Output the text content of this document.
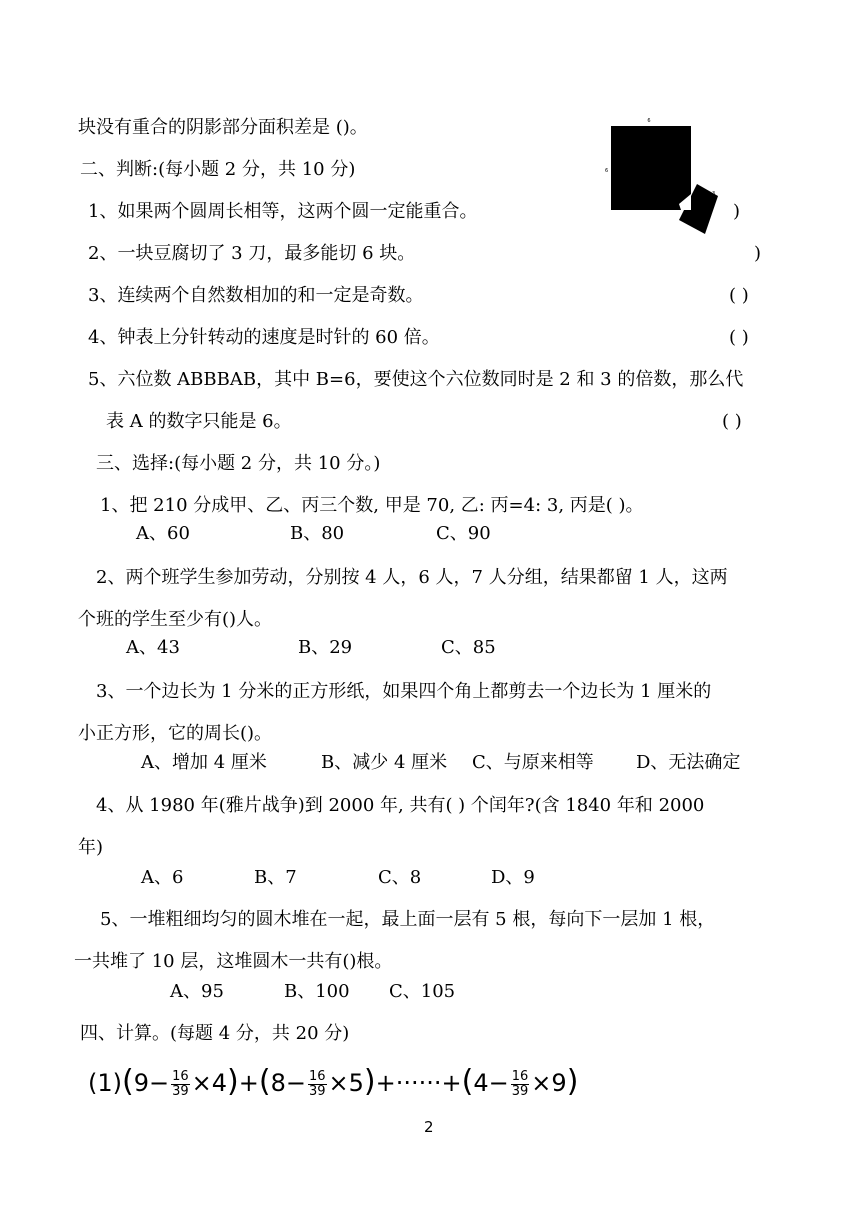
6
6
3
块没有重合的阴影部分面积差是 ()。
二、判断:(每小题 2 分，共 10 分)
1、如果两个圆周长相等，这两个圆一定能重合。	)
2、一块豆腐切了 3 刀，最多能切 6 块。	)
3、连续两个自然数相加的和一定是奇数。	( )
4、钟表上分针转动的速度是时针的 60 倍。	( )
5、六位数 ABBBAB，其中 B=6，要使这个六位数同时是 2 和 3 的倍数，那么代
表 A 的数字只能是 6。	( )
三、选择:(每小题 2 分，共 10 分。)
1、把 210 分成甲、乙、丙三个数, 甲是 70, 乙: 丙=4: 3, 丙是( )。
A、60	B、80	C、90
2、两个班学生参加劳动，分别按 4 人，6 人，7 人分组，结果都留 1 人，这两
个班的学生至少有()人。
A、43	B、29	C、85
3、一个边长为 1 分米的正方形纸，如果四个角上都剪去一个边长为 1 厘米的
小正方形，它的周长()。
A、增加 4 厘米	B、减少 4 厘米 C、与原来相等 D、无法确定
4、从 1980 年(雅片战争)到 2000 年, 共有( ) 个闰年?(含 1840 年和 2000
年)
A、6	B、7	C、8	D、9
5、一堆粗细均匀的圆木堆在一起，最上面一层有 5 根，每向下一层加 1 根，
一共堆了 10 层，这堆圆木一共有()根。
A、95	B、100 C、105
四、计算。(每题 4 分，共 20 分)
$(1)(9- \frac{16}{39} \times 4)+(8- \frac{16}{39} \times 5)+\cdot\cdot\cdot\cdot\cdot\cdot+(4- \frac{16}{39} \times 9)$
2
